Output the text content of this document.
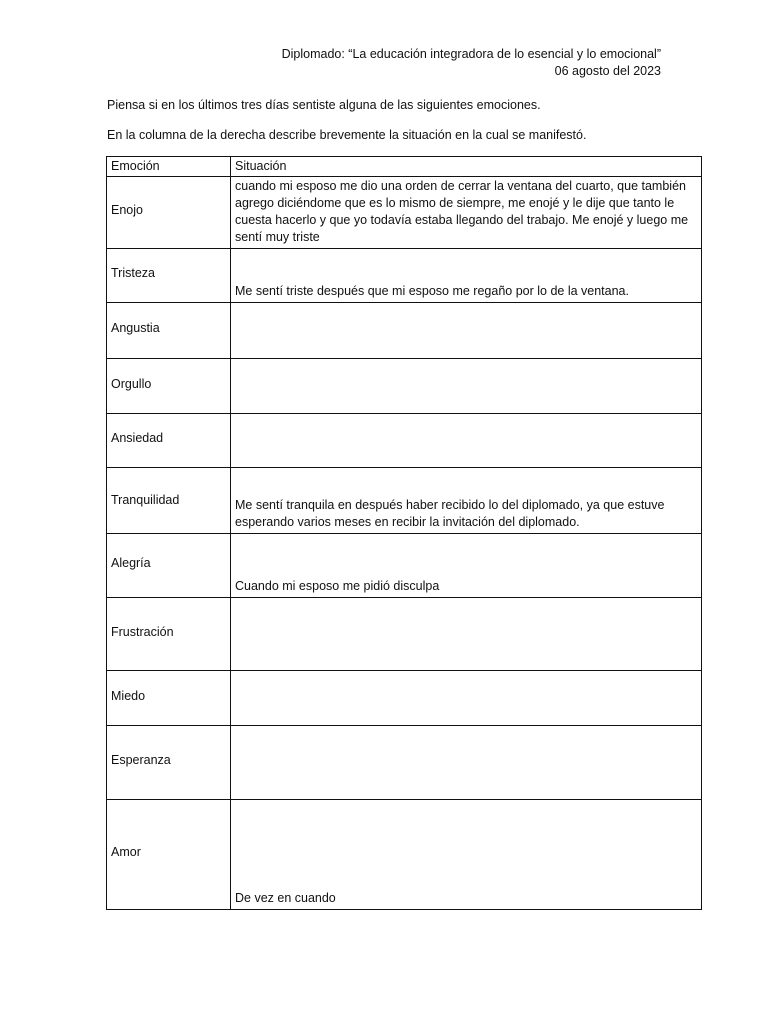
Diplomado: “La educación integradora de lo esencial y lo emocional”
06 agosto del 2023

Piensa si en los últimos tres días sentiste alguna de las siguientes emociones.

En la columna de la derecha describe brevemente la situación en la cual se manifestó.

Emoción	Situación
Enojo	cuando mi esposo me dio una orden de cerrar la ventana del cuarto, que también agrego diciéndome que es lo mismo de siempre, me enojé y le dije que tanto le cuesta hacerlo y que yo todavía estaba llegando del trabajo. Me enojé y luego me sentí muy triste
Tristeza	Me sentí triste después que mi esposo me regaño por lo de la ventana.
Angustia	
Orgullo	
Ansiedad	
Tranquilidad	Me sentí tranquila en después haber recibido lo del diplomado, ya que estuve esperando varios meses en recibir la invitación del diplomado.
Alegría	Cuando mi esposo me pidió disculpa
Frustración	
Miedo	
Esperanza	
Amor	De vez en cuando
